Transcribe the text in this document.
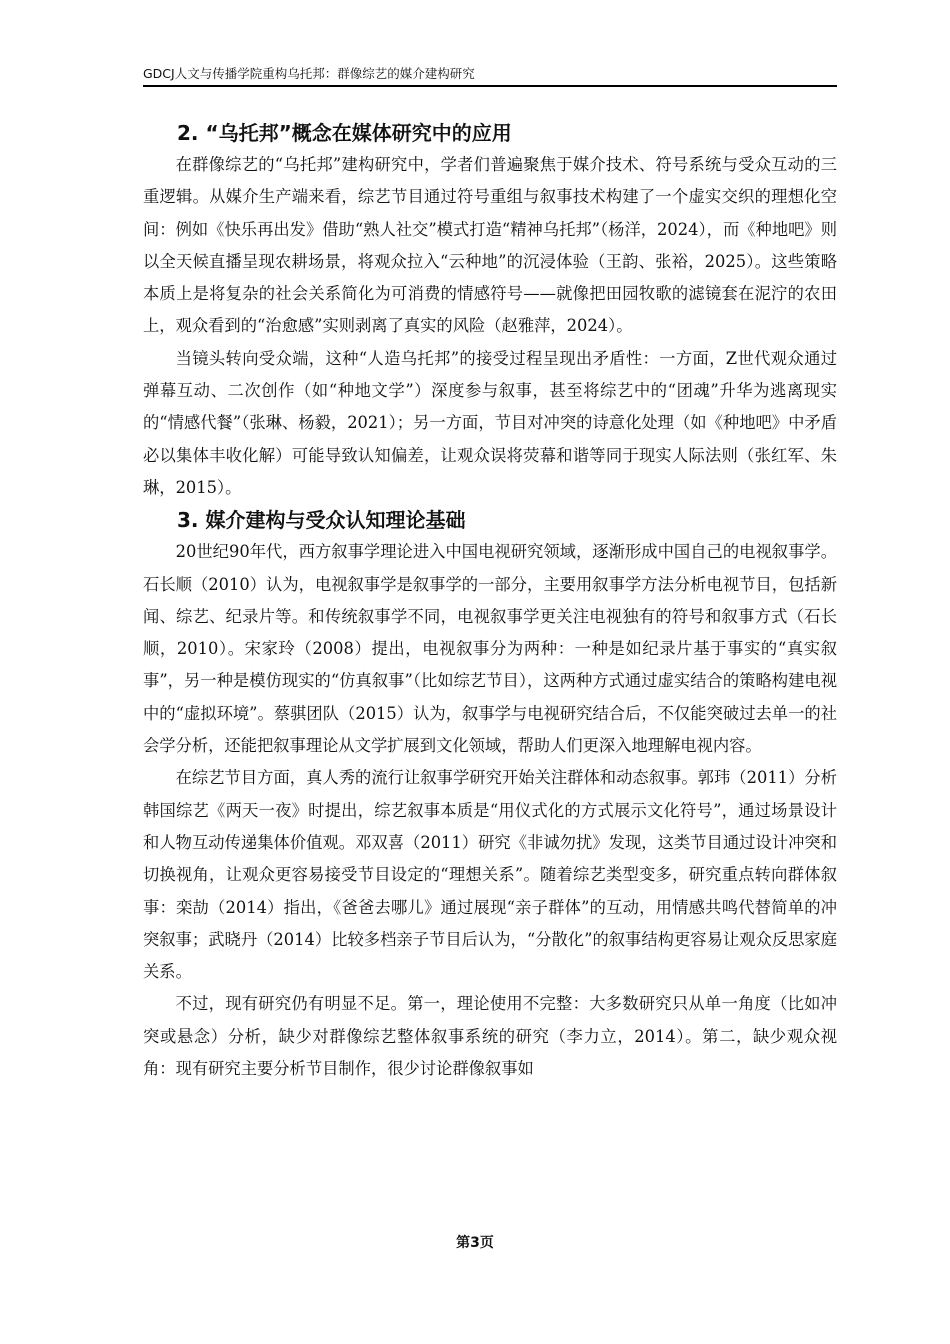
GDCJ人文与传播学院重构乌托邦：群像综艺的媒介建构研究
2. “乌托邦”概念在媒体研究中的应用

在群像综艺的“乌托邦”建构研究中，学者们普遍聚焦于媒介技术、符号系统与受众互动的三重逻辑。从媒介生产端来看，综艺节目通过符号重组与叙事技术构建了一个虚实交织的理想化空间：例如《快乐再出发》借助“熟人社交”模式打造“精神乌托邦”（杨洋，2024），而《种地吧》则以全天候直播呈现农耕场景，将观众拉入“云种地”的沉浸体验（王韵、张裕，2025）。这些策略本质上是将复杂的社会关系简化为可消费的情感符号——就像把田园牧歌的滤镜套在泥泞的农田上，观众看到的“治愈感”实则剥离了真实的风险（赵雅萍，2024）。

当镜头转向受众端，这种“人造乌托邦”的接受过程呈现出矛盾性：一方面，Z世代观众通过弹幕互动、二次创作（如“种地文学”）深度参与叙事，甚至将综艺中的“团魂”升华为逃离现实的“情感代餐”（张琳、杨毅，2021）；另一方面，节目对冲突的诗意化处理（如《种地吧》中矛盾必以集体丰收化解）可能导致认知偏差，让观众误将荧幕和谐等同于现实人际法则（张红军、朱琳，2015）。

3. 媒介建构与受众认知理论基础

20世纪90年代，西方叙事学理论进入中国电视研究领域，逐渐形成中国自己的电视叙事学。石长顺（2010）认为，电视叙事学是叙事学的一部分，主要用叙事学方法分析电视节目，包括新闻、综艺、纪录片等。和传统叙事学不同，电视叙事学更关注电视独有的符号和叙事方式（石长顺，2010）。宋家玲（2008）提出，电视叙事分为两种：一种是如纪录片基于事实的“真实叙事”，另一种是模仿现实的“仿真叙事”（比如综艺节目），这两种方式通过虚实结合的策略构建电视中的“虚拟环境”。蔡骐团队（2015）认为，叙事学与电视研究结合后，不仅能突破过去单一的社会学分析，还能把叙事理论从文学扩展到文化领域，帮助人们更深入地理解电视内容。

在综艺节目方面，真人秀的流行让叙事学研究开始关注群体和动态叙事。郭玮（2011）分析韩国综艺《两天一夜》时提出，综艺叙事本质是“用仪式化的方式展示文化符号”，通过场景设计和人物互动传递集体价值观。邓双喜（2011）研究《非诚勿扰》发现，这类节目通过设计冲突和切换视角，让观众更容易接受节目设定的“理想关系”。随着综艺类型变多，研究重点转向群体叙事：栾劼（2014）指出，《爸爸去哪儿》通过展现“亲子群体”的互动，用情感共鸣代替简单的冲突叙事；武晓丹（2014）比较多档亲子节目后认为，“分散化”的叙事结构更容易让观众反思家庭关系。

不过，现有研究仍有明显不足。第一，理论使用不完整：大多数研究只从单一角度（比如冲突或悬念）分析，缺少对群像综艺整体叙事系统的研究（李力立，2014）。第二，缺少观众视角：现有研究主要分析节目制作，很少讨论群像叙事如

第3页
